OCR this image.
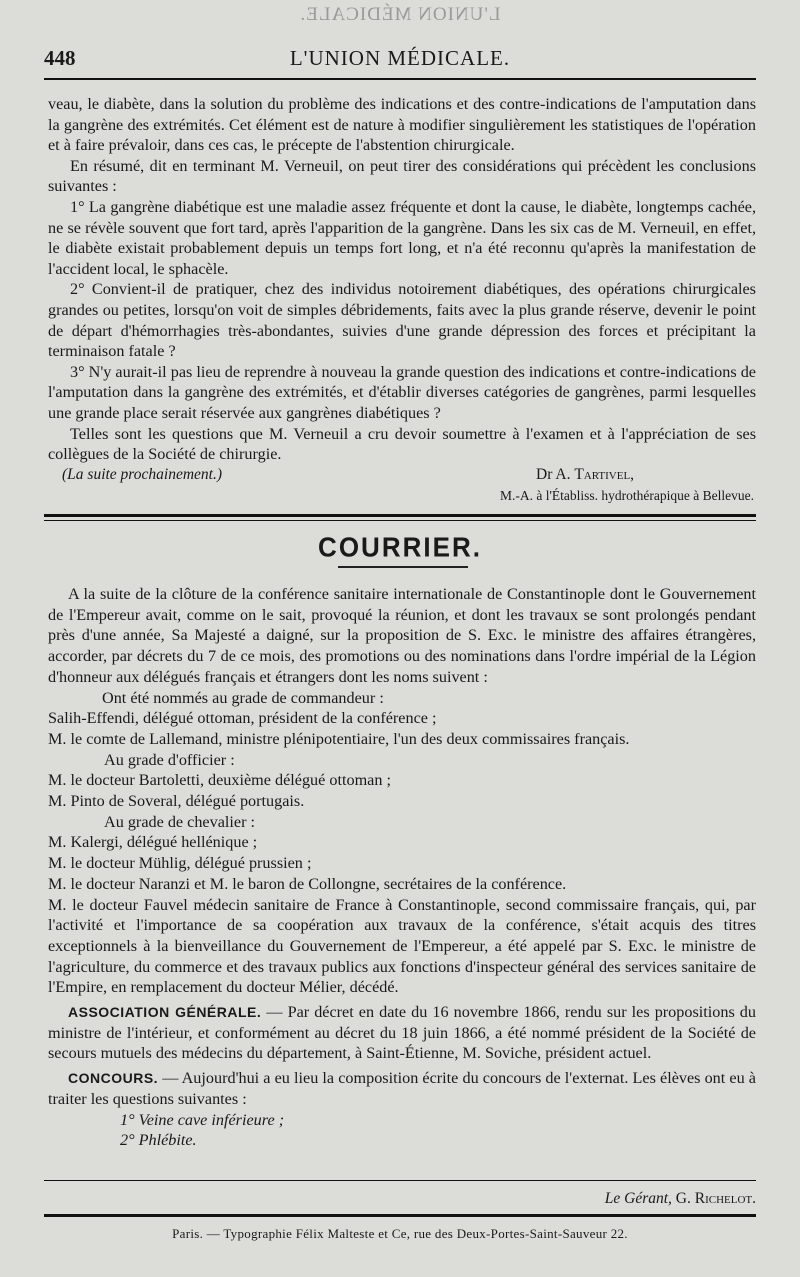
L'UNION MÉDICALE.
448	L'UNION MÉDICALE.

veau, le diabète, dans la solution du problème des indications et des contre-indications de l'amputation dans la gangrène des extrémités. Cet élément est de nature à modifier singulièrement les statistiques de l'opération et à faire prévaloir, dans ces cas, le précepte de l'abstention chirurgicale.

En résumé, dit en terminant M. Verneuil, on peut tirer des considérations qui précèdent les conclusions suivantes :

1° La gangrène diabétique est une maladie assez fréquente et dont la cause, le diabète, longtemps cachée, ne se révèle souvent que fort tard, après l'apparition de la gangrène. Dans les six cas de M. Verneuil, en effet, le diabète existait probablement depuis un temps fort long, et n'a été reconnu qu'après la manifestation de l'accident local, le sphacèle.

2° Convient-il de pratiquer, chez des individus notoirement diabétiques, des opérations chirurgicales grandes ou petites, lorsqu'on voit de simples débridements, faits avec la plus grande réserve, devenir le point de départ d'hémorrhagies très-abondantes, suivies d'une grande dépression des forces et précipitant la terminaison fatale ?

3° N'y aurait-il pas lieu de reprendre à nouveau la grande question des indications et contre-indications de l'amputation dans la gangrène des extrémités, et d'établir diverses catégories de gangrènes, parmi lesquelles une grande place serait réservée aux gangrènes diabétiques ?

Telles sont les questions que M. Verneuil a cru devoir soumettre à l'examen et à l'appréciation de ses collègues de la Société de chirurgie.

(La suite prochainement.)	Dr A. Tartivel,
M.-A. à l'Établiss. hydrothérapique à Bellevue.
COURRIER.

A la suite de la clôture de la conférence sanitaire internationale de Constantinople dont le Gouvernement de l'Empereur avait, comme on le sait, provoqué la réunion, et dont les travaux se sont prolongés pendant près d'une année, Sa Majesté a daigné, sur la proposition de S. Exc. le ministre des affaires étrangères, accorder, par décrets du 7 de ce mois, des promotions ou des nominations dans l'ordre impérial de la Légion d'honneur aux délégués français et étrangers dont les noms suivent :

Ont été nommés au grade de commandeur :

Salih-Effendi, délégué ottoman, président de la conférence ;
M. le comte de Lallemand, ministre plénipotentiaire, l'un des deux commissaires français.

Au grade d'officier :

M. le docteur Bartoletti, deuxième délégué ottoman ;
M. Pinto de Soveral, délégué portugais.

Au grade de chevalier :

M. Kalergi, délégué hellénique ;
M. le docteur Mühlig, délégué prussien ;
M. le docteur Naranzi et M. le baron de Collongne, secrétaires de la conférence.

M. le docteur Fauvel médecin sanitaire de France à Constantinople, second commissaire français, qui, par l'activité et l'importance de sa coopération aux travaux de la conférence, s'était acquis des titres exceptionnels à la bienveillance du Gouvernement de l'Empereur, a été appelé par S. Exc. le ministre de l'agriculture, du commerce et des travaux publics aux fonctions d'inspecteur général des services sanitaire de l'Empire, en remplacement du docteur Mélier, décédé.

ASSOCIATION GÉNÉRALE. — Par décret en date du 16 novembre 1866, rendu sur les propositions du ministre de l'intérieur, et conformément au décret du 18 juin 1866, a été nommé président de la Société de secours mutuels des médecins du département, à Saint-Étienne, M. Soviche, président actuel.

CONCOURS. — Aujourd'hui a eu lieu la composition écrite du concours de l'externat. Les élèves ont eu à traiter les questions suivantes :

1° Veine cave inférieure ;
2° Phlébite.
Le Gérant, G. Richelot.
Paris. — Typographie Félix Malteste et Ce, rue des Deux-Portes-Saint-Sauveur 22.
